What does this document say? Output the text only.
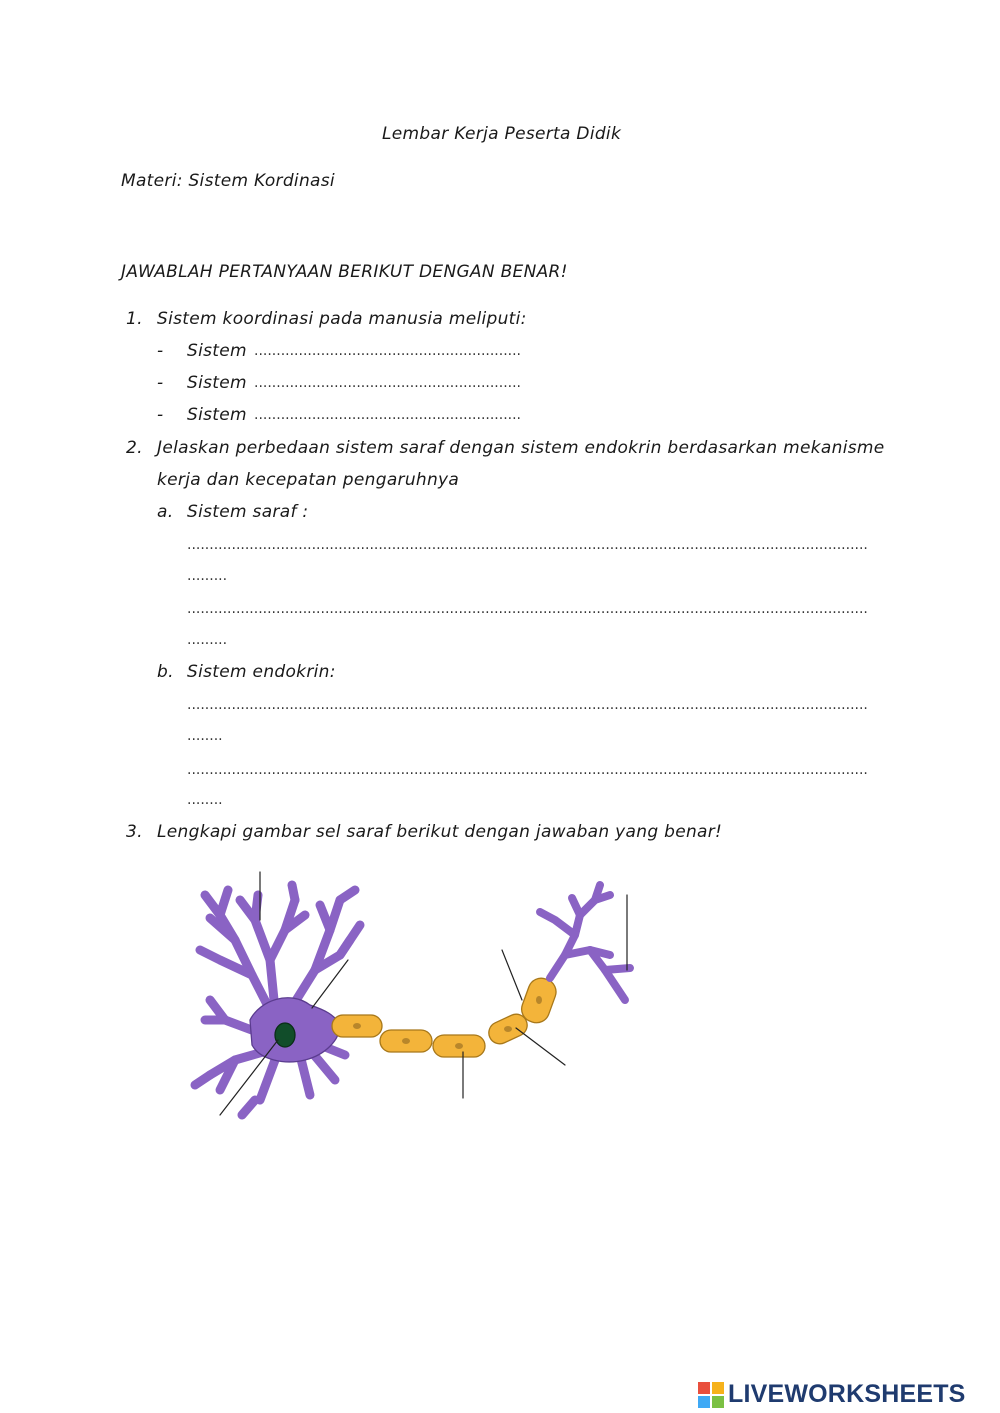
Lembar Kerja Peserta Didik
Materi: Sistem Kordinasi
JAWABLAH PERTANYAAN BERIKUT DENGAN BENAR!
1. Sistem koordinasi pada manusia meliputi:
- Sistem ............................................................
- Sistem ............................................................
- Sistem ............................................................
2. Jelaskan perbedaan sistem saraf dengan sistem endokrin berdasarkan mekanisme
kerja dan kecepatan pengaruhnya
a. Sistem saraf :
.........................................................................................................................................................
.........
.........................................................................................................................................................
.........
b. Sistem endokrin:
.........................................................................................................................................................
........
.........................................................................................................................................................
........
3. Lengkapi gambar sel saraf berikut dengan jawaban yang benar!
LIVEWORKSHEETS
